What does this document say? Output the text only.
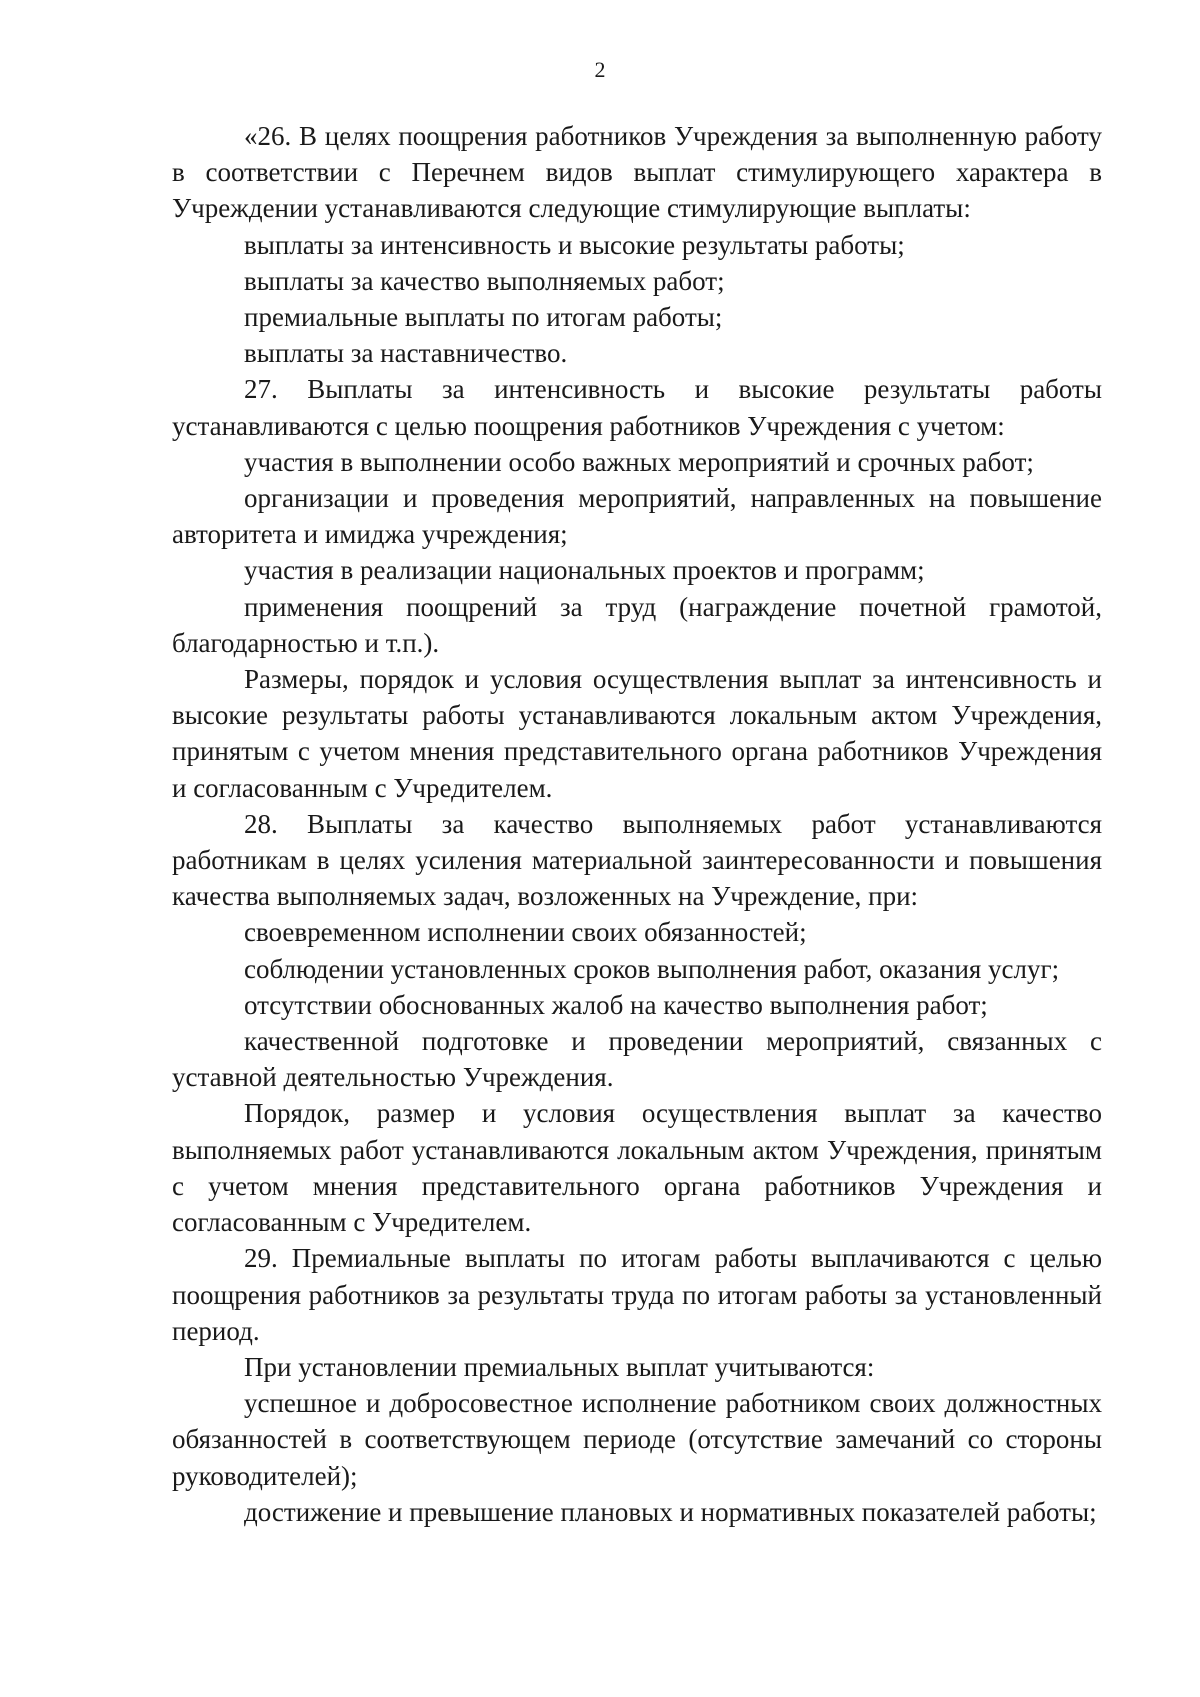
2

«26. В целях поощрения работников Учреждения за выполненную работу в соответствии с Перечнем видов выплат стимулирующего характера в Учреждении устанавливаются следующие стимулирующие выплаты:

выплаты за интенсивность и высокие результаты работы;

выплаты за качество выполняемых работ;

премиальные выплаты по итогам работы;

выплаты за наставничество.

27. Выплаты за интенсивность и высокие результаты работы устанавливаются с целью поощрения работников Учреждения с учетом:

участия в выполнении особо важных мероприятий и срочных работ;

организации и проведения мероприятий, направленных на повышение авторитета и имиджа учреждения;

участия в реализации национальных проектов и программ;

применения поощрений за труд (награждение почетной грамотой, благодарностью и т.п.).

Размеры, порядок и условия осуществления выплат за интенсивность и высокие результаты работы устанавливаются локальным актом Учреждения, принятым с учетом мнения представительного органа работников Учреждения и согласованным с Учредителем.

28. Выплаты за качество выполняемых работ устанавливаются работникам в целях усиления материальной заинтересованности и повышения качества выполняемых задач, возложенных на Учреждение, при:

своевременном исполнении своих обязанностей;

соблюдении установленных сроков выполнения работ, оказания услуг;

отсутствии обоснованных жалоб на качество выполнения работ;

качественной подготовке и проведении мероприятий, связанных с уставной деятельностью Учреждения.

Порядок, размер и условия осуществления выплат за качество выполняемых работ устанавливаются локальным актом Учреждения, принятым с учетом мнения представительного органа работников Учреждения и согласованным с Учредителем.

29. Премиальные выплаты по итогам работы выплачиваются с целью поощрения работников за результаты труда по итогам работы за установленный период.

При установлении премиальных выплат учитываются:

успешное и добросовестное исполнение работником своих должностных обязанностей в соответствующем периоде (отсутствие замечаний со стороны руководителей);

достижение и превышение плановых и нормативных показателей работы;
